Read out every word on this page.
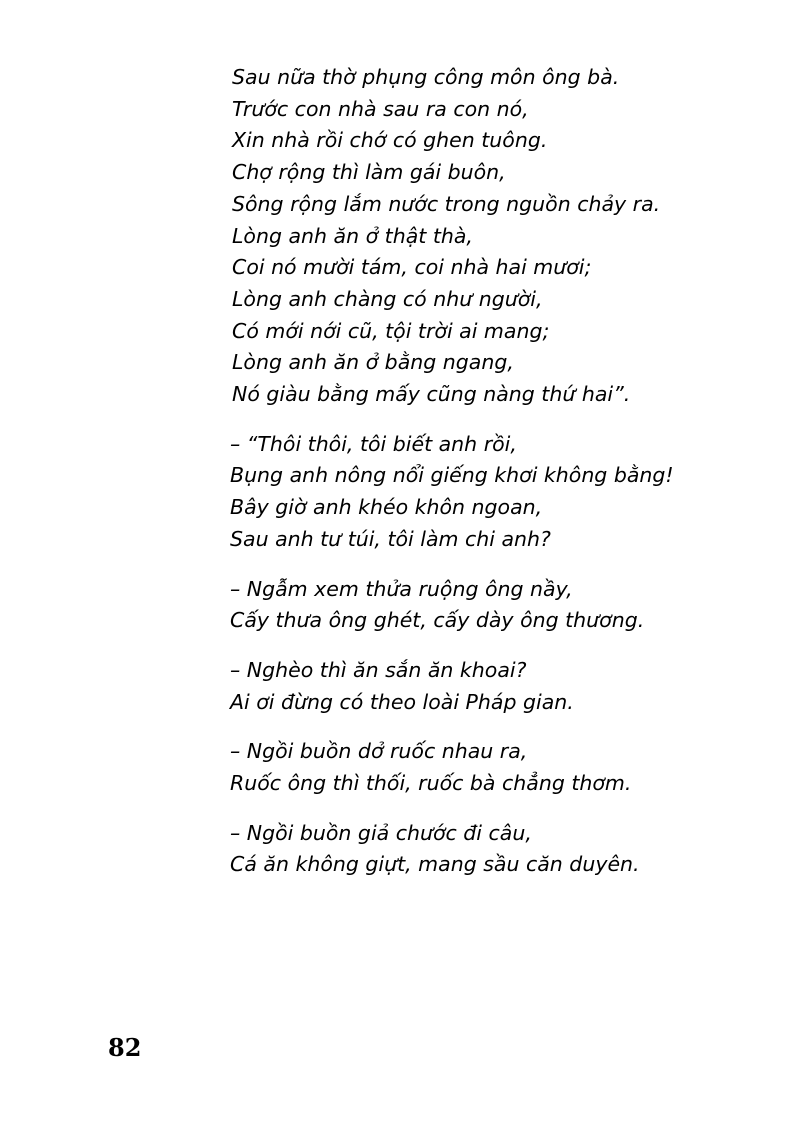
Sau nữa thờ phụng công môn ông bà.
Trước con nhà sau ra con nó,
Xin nhà rồi chớ có ghen tuông.
Chợ rộng thì làm gái buôn,
Sông rộng lắm nước trong nguồn chảy ra.
Lòng anh ăn ở thật thà,
Coi nó mười tám, coi nhà hai mươi;
Lòng anh chàng có như người,
Có mới nới cũ, tội trời ai mang;
Lòng anh ăn ở bằng ngang,
Nó giàu bằng mấy cũng nàng thứ hai”.
– “Thôi thôi, tôi biết anh rồi,
Bụng anh nông nổi giếng khơi không bằng!
Bây giờ anh khéo khôn ngoan,
Sau anh tư túi, tôi làm chi anh?
– Ngẫm xem thửa ruộng ông nầy,
Cấy thưa ông ghét, cấy dày ông thương.
– Nghèo thì ăn sắn ăn khoai?
Ai ơi đừng có theo loài Pháp gian.
– Ngồi buồn dở ruốc nhau ra,
Ruốc ông thì thối, ruốc bà chẳng thơm.
– Ngồi buồn giả chước đi câu,
Cá ăn không giựt, mang sầu căn duyên.
82
